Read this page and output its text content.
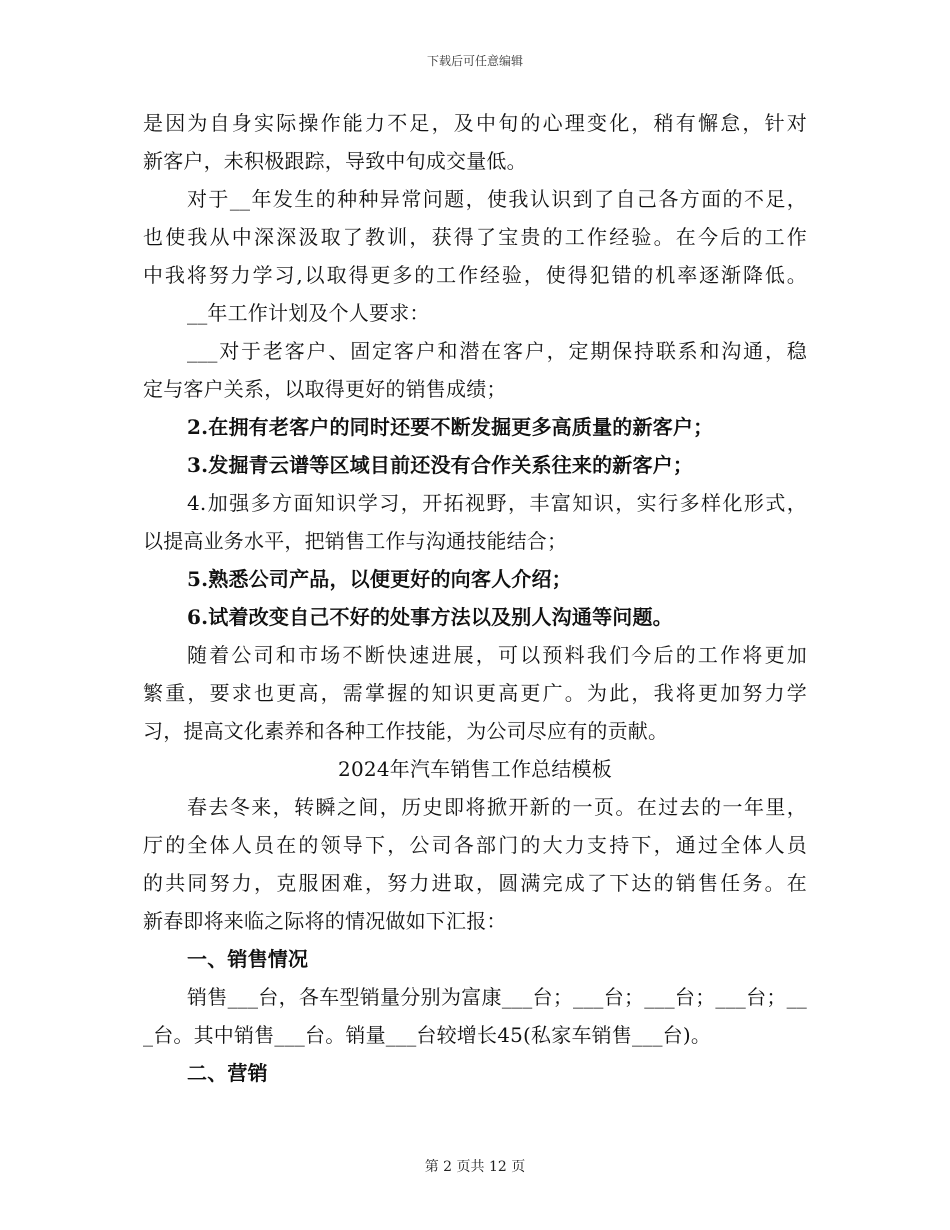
下载后可任意编辑
是因为自身实际操作能力不足，及中旬的心理变化，稍有懈怠，针对
新客户，未积极跟踪，导致中旬成交量低。
对于__年发生的种种异常问题，使我认识到了自己各方面的不足，
也使我从中深深汲取了教训，获得了宝贵的工作经验。在今后的工作
中我将努力学习,以取得更多的工作经验，使得犯错的机率逐渐降低。
__年工作计划及个人要求：
___对于老客户、固定客户和潜在客户，定期保持联系和沟通，稳
定与客户关系，以取得更好的销售成绩；
2.在拥有老客户的同时还要不断发掘更多高质量的新客户；
3.发掘青云谱等区域目前还没有合作关系往来的新客户；
4.加强多方面知识学习，开拓视野，丰富知识，实行多样化形式，
以提高业务水平，把销售工作与沟通技能结合；
5.熟悉公司产品，以便更好的向客人介绍；
6.试着改变自己不好的处事方法以及别人沟通等问题。
随着公司和市场不断快速进展，可以预料我们今后的工作将更加
繁重，要求也更高，需掌握的知识更高更广。为此，我将更加努力学
习，提高文化素养和各种工作技能，为公司尽应有的贡献。
2024年汽车销售工作总结模板
春去冬来，转瞬之间，历史即将掀开新的一页。在过去的一年里，
厅的全体人员在的领导下，公司各部门的大力支持下，通过全体人员
的共同努力，克服困难，努力进取，圆满完成了下达的销售任务。在
新春即将来临之际将的情况做如下汇报：
一、销售情况
销售___台，各车型销量分别为富康___台；___台；___台；___台；__
_台。其中销售___台。销量___台较增长45(私家车销售___台)。
二、营销
第 2 页共 12 页
